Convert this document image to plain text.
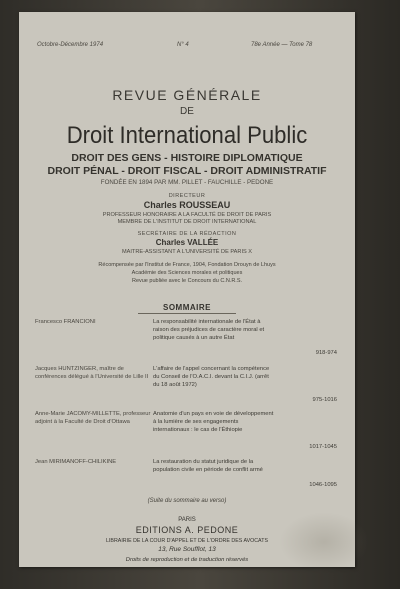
Octobre-Décembre 1974	N° 4	78e Année — Tome 78
REVUE GÉNÉRALE
DE
Droit International Public
DROIT DES GENS - HISTOIRE DIPLOMATIQUE
DROIT PÉNAL - DROIT FISCAL - DROIT ADMINISTRATIF
FONDÉE EN 1894 PAR MM. PILLET - FAUCHILLE - PEDONE
DIRECTEUR
Charles ROUSSEAU
PROFESSEUR HONORAIRE A LA FACULTÉ DE DROIT DE PARIS
MEMBRE DE L'INSTITUT DE DROIT INTERNATIONAL
SECRÉTAIRE DE LA RÉDACTION
Charles VALLÉE
MAITRE-ASSISTANT A L'UNIVERSITÉ DE PARIS X
Récompensée par l'Institut de France, 1904, Fondation Drouyn de Lhuys
Académie des Sciences morales et politiques
Revue publiée avec le Concours du C.N.R.S.
SOMMAIRE
Francesco FRANCIONI	La responsabilité internationale de l'État à raison des préjudices de caractère moral et politique causés à un autre État
918-974
Jacques HUNTZINGER, maître de conférences délégué à l'Université de Lille II
L'affaire de l'appel concernant la compétence du Conseil de l'O.A.C.I. devant la C.I.J. (arrêt du 18 août 1972)
975-1016
Anne-Marie JACOMY-MILLETTE, professeur adjoint à la Faculté de Droit d'Ottawa
Anatomie d'un pays en voie de développement à la lumière de ses engagements internationaux : le cas de l'Éthiopie
1017-1045
Jean MIRIMANOFF-CHILIKINE	La restauration du statut juridique de la population civile en période de conflit armé
1046-1095
(Suite du sommaire au verso)
PARIS
EDITIONS A. PEDONE
LIBRAIRIE DE LA COUR D'APPEL ET DE L'ORDRE DES AVOCATS
13, Rue Soufflot, 13
Droits de reproduction et de traduction réservés
